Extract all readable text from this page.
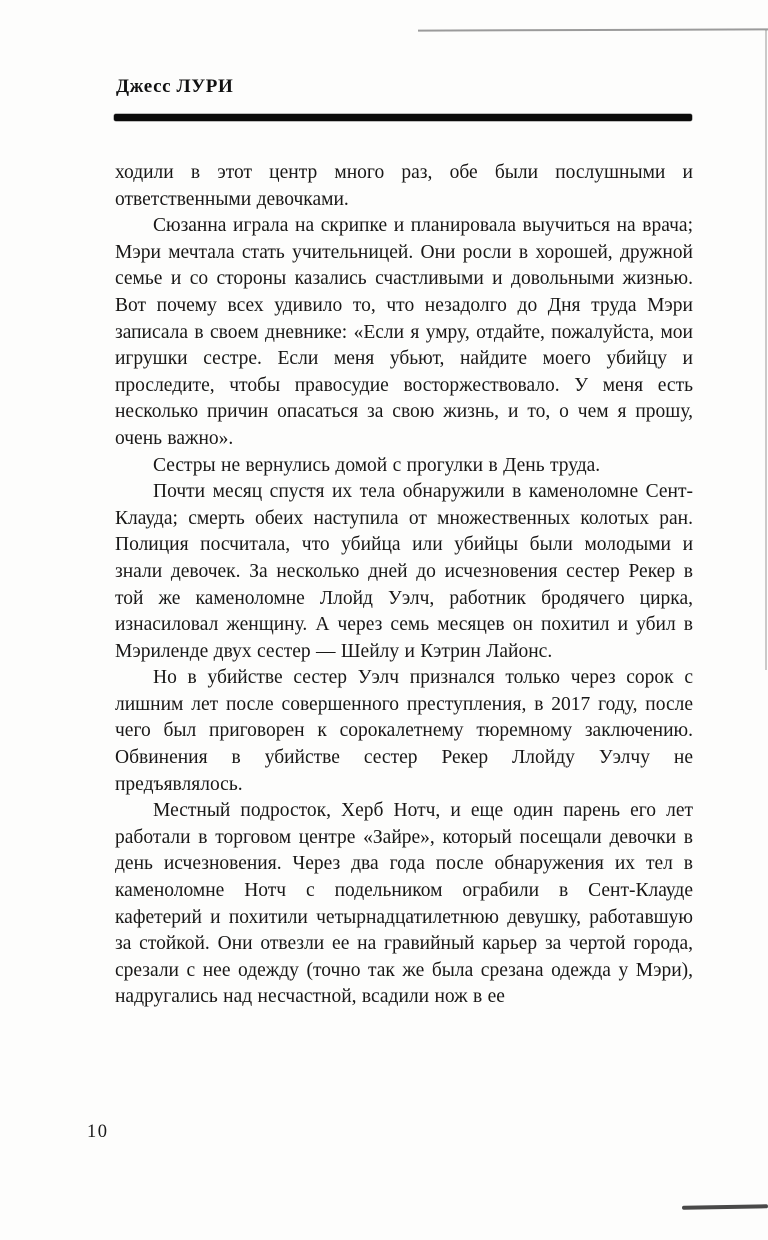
Джесс ЛУРИ

ходили в этот центр много раз, обе были послушными и ответственными девочками.

Сюзанна играла на скрипке и планировала выучиться на врача; Мэри мечтала стать учительницей. Они росли в хорошей, дружной семье и со стороны казались счастливыми и довольными жизнью. Вот почему всех удивило то, что незадолго до Дня труда Мэри записала в своем дневнике: «Если я умру, отдайте, пожалуйста, мои игрушки сестре. Если меня убьют, найдите моего убийцу и проследите, чтобы правосудие восторжествовало. У меня есть несколько причин опасаться за свою жизнь, и то, о чем я прошу, очень важно».

Сестры не вернулись домой с прогулки в День труда.

Почти месяц спустя их тела обнаружили в каменоломне Сент-Клауда; смерть обеих наступила от множественных колотых ран. Полиция посчитала, что убийца или убийцы были молодыми и знали девочек. За несколько дней до исчезновения сестер Рекер в той же каменоломне Ллойд Уэлч, работник бродячего цирка, изнасиловал женщину. А через семь месяцев он похитил и убил в Мэриленде двух сестер — Шейлу и Кэтрин Лайонс.

Но в убийстве сестер Уэлч признался только через сорок с лишним лет после совершенного преступления, в 2017 году, после чего был приговорен к сорокалетнему тюремному заключению. Обвинения в убийстве сестер Рекер Ллойду Уэлчу не предъявлялось.

Местный подросток, Херб Нотч, и еще один парень его лет работали в торговом центре «Зайре», который посещали девочки в день исчезновения. Через два года после обнаружения их тел в каменоломне Нотч с подельником ограбили в Сент-Клауде кафетерий и похитили четырнадцатилетнюю девушку, работавшую за стойкой. Они отвезли ее на гравийный карьер за чертой города, срезали с нее одежду (точно так же была срезана одежда у Мэри), надругались над несчастной, всадили нож в ее

10
